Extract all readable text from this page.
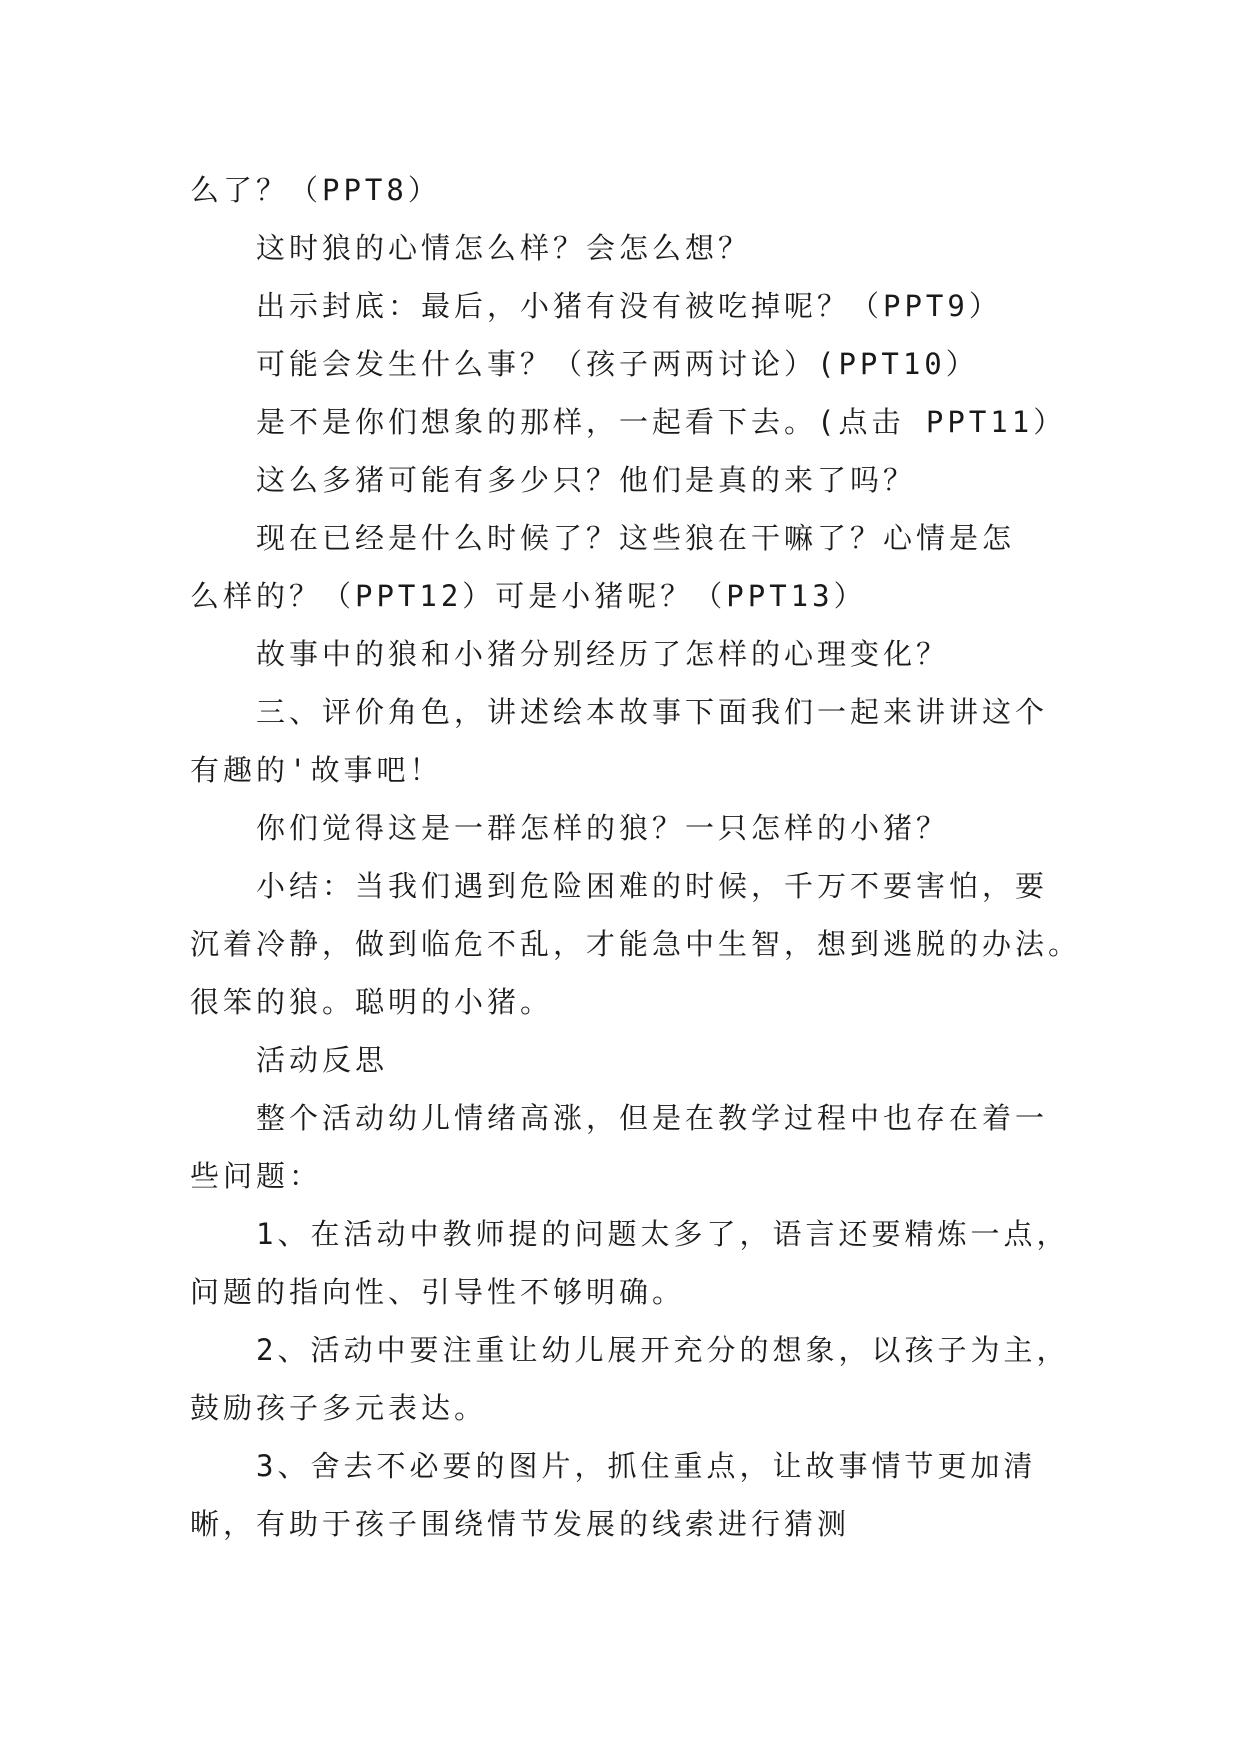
么了？（PPT8）

这时狼的心情怎么样？会怎么想？

出示封底：最后，小猪有没有被吃掉呢？（PPT9）

可能会发生什么事？（孩子两两讨论）(PPT10）

是不是你们想象的那样，一起看下去。(点击 PPT11）

这么多猪可能有多少只？他们是真的来了吗？

现在已经是什么时候了？这些狼在干嘛了？心情是怎
么样的？（PPT12）可是小猪呢？（PPT13）

故事中的狼和小猪分别经历了怎样的心理变化？

三、评价角色，讲述绘本故事下面我们一起来讲讲这个
有趣的'故事吧！

你们觉得这是一群怎样的狼？一只怎样的小猪？

小结：当我们遇到危险困难的时候，千万不要害怕，要
沉着冷静，做到临危不乱，才能急中生智，想到逃脱的办法。
很笨的狼。聪明的小猪。

活动反思

整个活动幼儿情绪高涨，但是在教学过程中也存在着一
些问题：

1、在活动中教师提的问题太多了，语言还要精炼一点，
问题的指向性、引导性不够明确。

2、活动中要注重让幼儿展开充分的想象，以孩子为主，
鼓励孩子多元表达。

3、舍去不必要的图片，抓住重点，让故事情节更加清
晰，有助于孩子围绕情节发展的线索进行猜测
